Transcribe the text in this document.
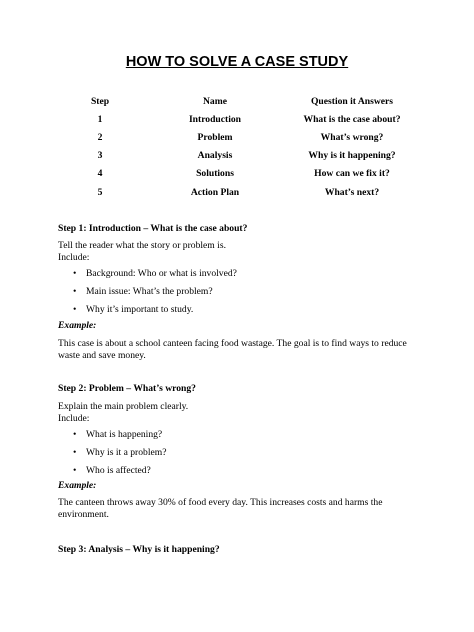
HOW TO SOLVE A CASE STUDY
Step	Name	Question it Answers
1	Introduction	What is the case about?
2	Problem	What’s wrong?
3	Analysis	Why is it happening?
4	Solutions	How can we fix it?
5	Action Plan	What’s next?
Step 1: Introduction – What is the case about?
Tell the reader what the story or problem is.
Include:
• Background: Who or what is involved?
• Main issue: What’s the problem?
• Why it’s important to study.
Example:
This case is about a school canteen facing food wastage. The goal is to find ways to reduce
waste and save money.
Step 2: Problem – What’s wrong?
Explain the main problem clearly.
Include:
• What is happening?
• Why is it a problem?
• Who is affected?
Example:
The canteen throws away 30% of food every day. This increases costs and harms the
environment.
Step 3: Analysis – Why is it happening?
